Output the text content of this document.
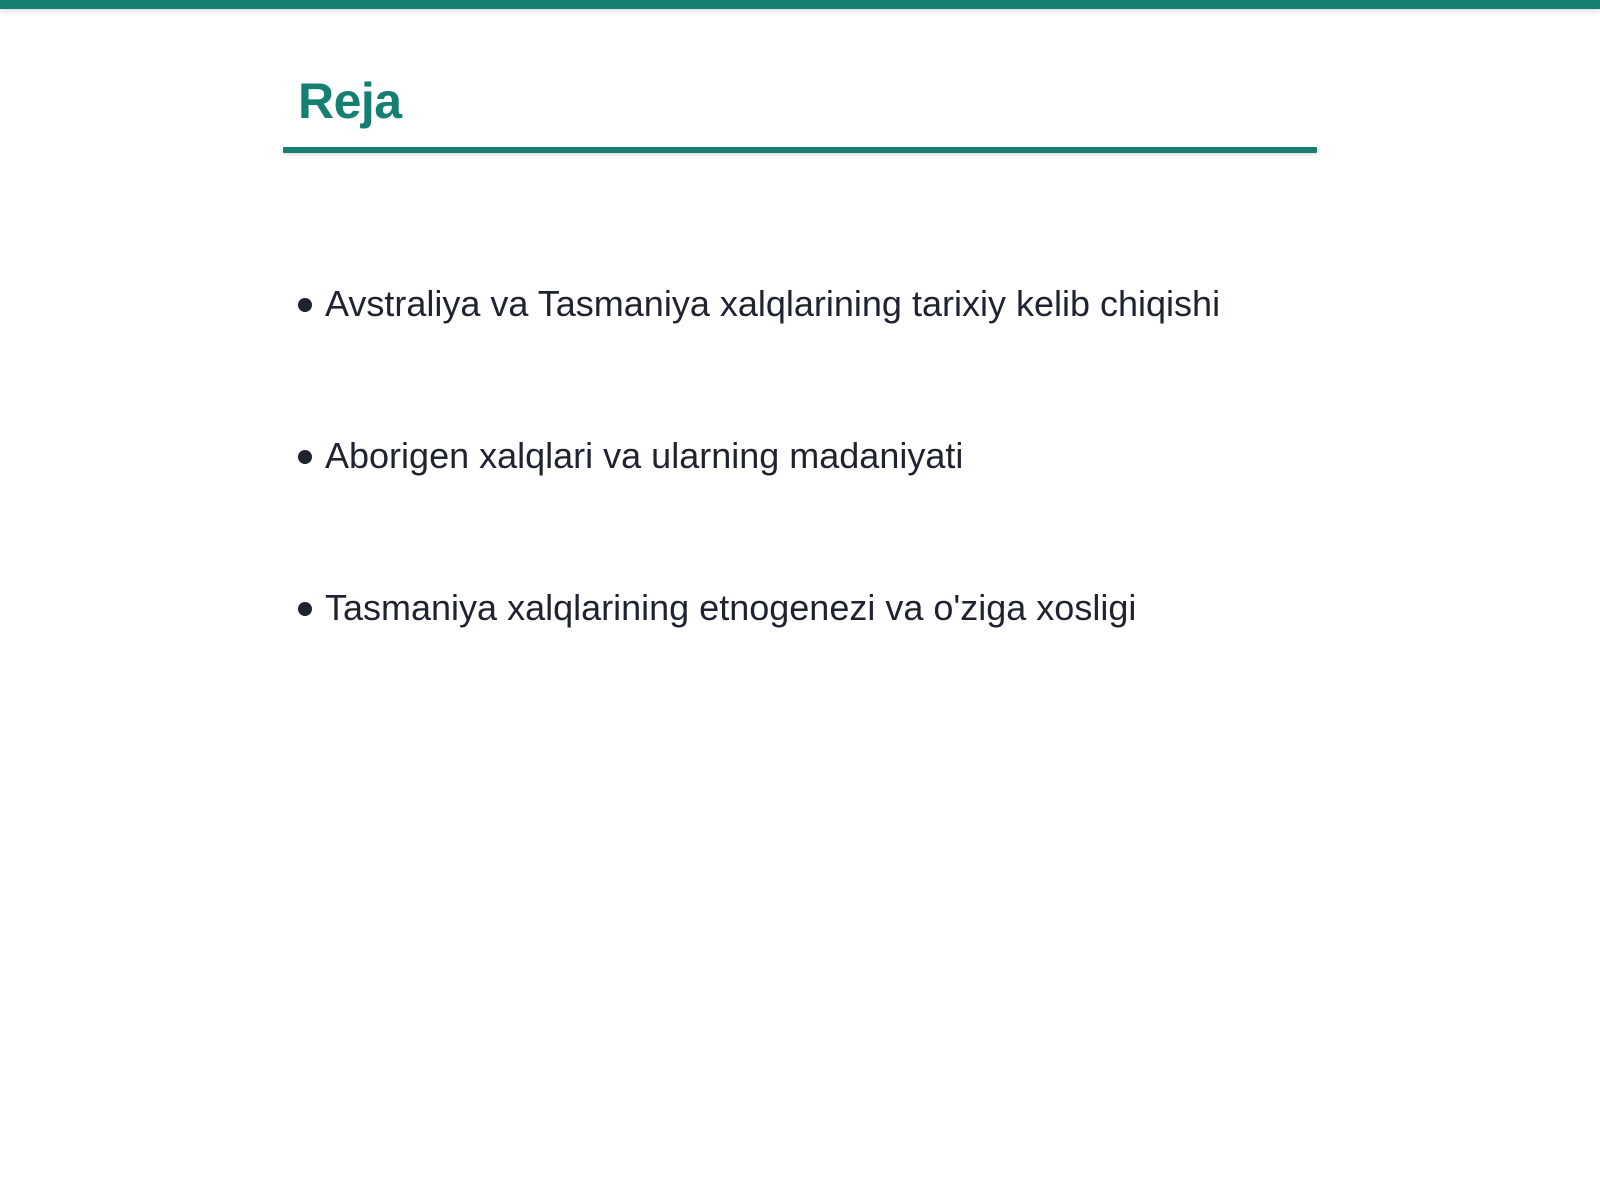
Reja
Avstraliya va Tasmaniya xalqlarining tarixiy kelib chiqishi
Aborigen xalqlari va ularning madaniyati
Tasmaniya xalqlarining etnogenezi va o'ziga xosligi
